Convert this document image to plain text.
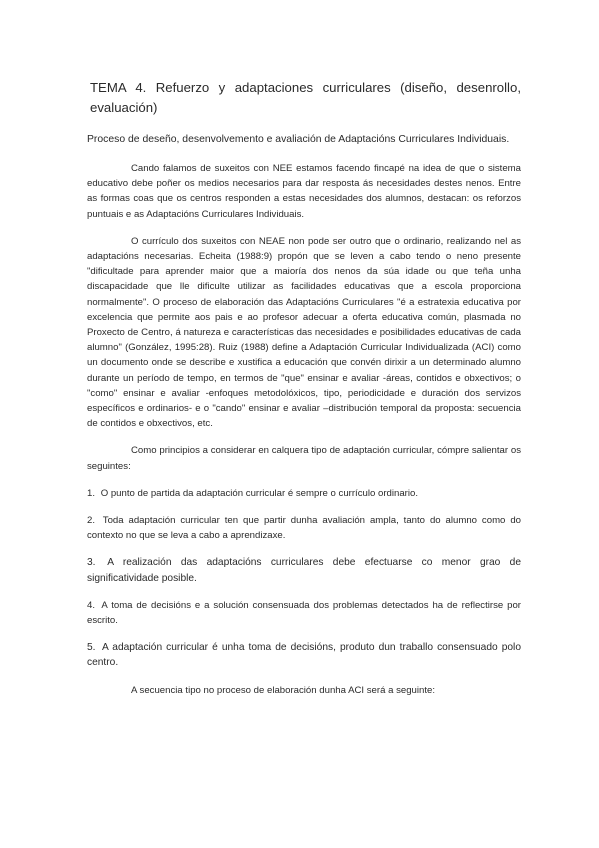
TEMA 4. Refuerzo y adaptaciones curriculares (diseño, desenrollo, evaluación)

Proceso de deseño, desenvolvemento e avaliación de Adaptacións Curriculares Individuais.

Cando falamos de suxeitos con NEE estamos facendo fincapé na idea de que o sistema educativo debe poñer os medios necesarios para dar resposta ás necesidades destes nenos. Entre as formas coas que os centros responden a estas necesidades dos alumnos, destacan: os reforzos puntuais e as Adaptacións Curriculares Individuais.

O currículo dos suxeitos con NEAE non pode ser outro que o ordinario, realizando nel as adaptacións necesarias. Echeita (1988:9) propón que se leven a cabo tendo o neno presente "dificultade para aprender maior que a maioría dos nenos da súa idade ou que teña unha discapacidade que lle dificulte utilizar as facilidades educativas que a escola proporciona normalmente". O proceso de elaboración das Adaptacións Curriculares "é a estratexia educativa por excelencia que permite aos pais e ao profesor adecuar a oferta educativa común, plasmada no Proxecto de Centro, á natureza e características das necesidades e posibilidades educativas de cada alumno" (González, 1995:28). Ruiz (1988) define a Adaptación Curricular Individualizada (ACI) como un documento onde se describe e xustifica a educación que convén dirixir a un determinado alumno durante un período de tempo, en termos de "que" ensinar e avaliar -áreas, contidos e obxectivos; o "como" ensinar e avaliar -enfoques metodolóxicos, tipo, periodicidade e duración dos servizos específicos e ordinarios- e o "cando" ensinar e avaliar –distribución temporal da proposta: secuencia de contidos e obxectivos, etc.

Como principios a considerar en calquera tipo de adaptación curricular, cómpre salientar os seguintes:

1. O punto de partida da adaptación curricular é sempre o currículo ordinario.

2. Toda adaptación curricular ten que partir dunha avaliación ampla, tanto do alumno como do contexto no que se leva a cabo a aprendizaxe.

3. A realización das adaptacións curriculares debe efectuarse co menor grao de significatividade posible.

4. A toma de decisións e a solución consensuada dos problemas detectados ha de reflectirse por escrito.

5. A adaptación curricular é unha toma de decisións, produto dun traballo consensuado polo centro.

A secuencia tipo no proceso de elaboración dunha ACI será a seguinte:
